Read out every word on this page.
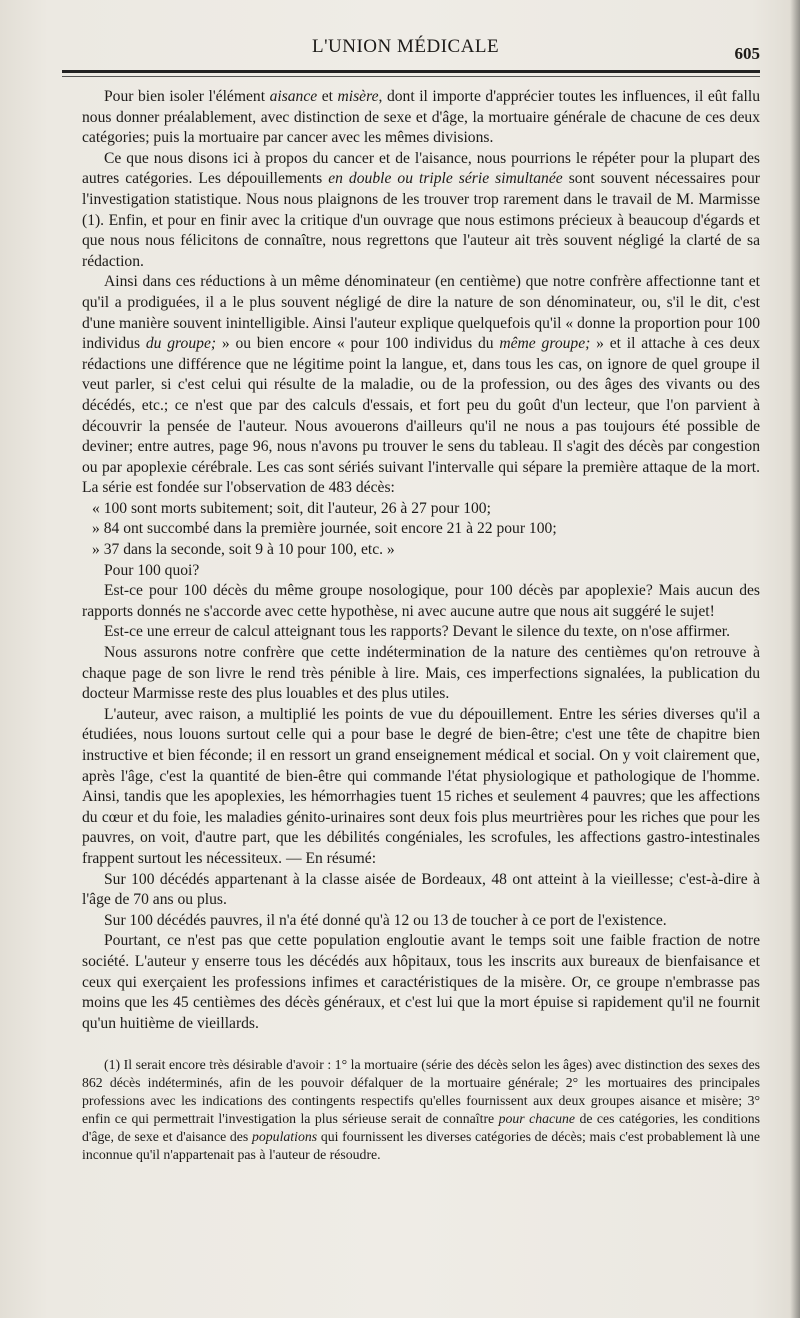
L'UNION MÉDICALE	605

Pour bien isoler l'élément aisance et misère, dont il importe d'apprécier toutes les influences, il eût fallu nous donner préalablement, avec distinction de sexe et d'âge, la mortuaire générale de chacune de ces deux catégories; puis la mortuaire par cancer avec les mêmes divisions.

Ce que nous disons ici à propos du cancer et de l'aisance, nous pourrions le répéter pour la plupart des autres catégories. Les dépouillements en double ou triple série simultanée sont souvent nécessaires pour l'investigation statistique. Nous nous plaignons de les trouver trop rarement dans le travail de M. Marmisse (1). Enfin, et pour en finir avec la critique d'un ouvrage que nous estimons précieux à beaucoup d'égards et que nous nous félicitons de connaître, nous regrettons que l'auteur ait très souvent négligé la clarté de sa rédaction.

Ainsi dans ces réductions à un même dénominateur (en centième) que notre confrère affectionne tant et qu'il a prodiguées, il a le plus souvent négligé de dire la nature de son dénominateur, ou, s'il le dit, c'est d'une manière souvent inintelligible. Ainsi l'auteur explique quelquefois qu'il « donne la proportion pour 100 individus du groupe; » ou bien encore « pour 100 individus du même groupe; » et il attache à ces deux rédactions une différence que ne légitime point la langue, et, dans tous les cas, on ignore de quel groupe il veut parler, si c'est celui qui résulte de la maladie, ou de la profession, ou des âges des vivants ou des décédés, etc.; ce n'est que par des calculs d'essais, et fort peu du goût d'un lecteur, que l'on parvient à découvrir la pensée de l'auteur. Nous avouerons d'ailleurs qu'il ne nous a pas toujours été possible de deviner; entre autres, page 96, nous n'avons pu trouver le sens du tableau. Il s'agit des décès par congestion ou par apoplexie cérébrale. Les cas sont sériés suivant l'intervalle qui sépare la première attaque de la mort. La série est fondée sur l'observation de 483 décès:

« 100 sont morts subitement; soit, dit l'auteur, 26 à 27 pour 100;

» 84 ont succombé dans la première journée, soit encore 21 à 22 pour 100;

» 37 dans la seconde, soit 9 à 10 pour 100, etc. »

Pour 100 quoi?

Est-ce pour 100 décès du même groupe nosologique, pour 100 décès par apoplexie? Mais aucun des rapports donnés ne s'accorde avec cette hypothèse, ni avec aucune autre que nous ait suggéré le sujet!

Est-ce une erreur de calcul atteignant tous les rapports? Devant le silence du texte, on n'ose affirmer.

Nous assurons notre confrère que cette indétermination de la nature des centièmes qu'on retrouve à chaque page de son livre le rend très pénible à lire. Mais, ces imperfections signalées, la publication du docteur Marmisse reste des plus louables et des plus utiles.

L'auteur, avec raison, a multiplié les points de vue du dépouillement. Entre les séries diverses qu'il a étudiées, nous louons surtout celle qui a pour base le degré de bien-être; c'est une tête de chapitre bien instructive et bien féconde; il en ressort un grand enseignement médical et social. On y voit clairement que, après l'âge, c'est la quantité de bien-être qui commande l'état physiologique et pathologique de l'homme. Ainsi, tandis que les apoplexies, les hémorrhagies tuent 15 riches et seulement 4 pauvres; que les affections du cœur et du foie, les maladies génito-urinaires sont deux fois plus meurtrières pour les riches que pour les pauvres, on voit, d'autre part, que les débilités congéniales, les scrofules, les affections gastro-intestinales frappent surtout les nécessiteux. — En résumé:

Sur 100 décédés appartenant à la classe aisée de Bordeaux, 48 ont atteint à la vieillesse; c'est-à-dire à l'âge de 70 ans ou plus.

Sur 100 décédés pauvres, il n'a été donné qu'à 12 ou 13 de toucher à ce port de l'existence.

Pourtant, ce n'est pas que cette population engloutie avant le temps soit une faible fraction de notre société. L'auteur y enserre tous les décédés aux hôpitaux, tous les inscrits aux bureaux de bienfaisance et ceux qui exerçaient les professions infimes et caractéristiques de la misère. Or, ce groupe n'embrasse pas moins que les 45 centièmes des décès généraux, et c'est lui que la mort épuise si rapidement qu'il ne fournit qu'un huitième de vieillards.

(1) Il serait encore très désirable d'avoir : 1° la mortuaire (série des décès selon les âges) avec distinction des sexes des 862 décès indéterminés, afin de les pouvoir défalquer de la mortuaire générale; 2° les mortuaires des principales professions avec les indications des contingents respectifs qu'elles fournissent aux deux groupes aisance et misère; 3° enfin ce qui permettrait l'investigation la plus sérieuse serait de connaître pour chacune de ces catégories, les conditions d'âge, de sexe et d'aisance des populations qui fournissent les diverses catégories de décès; mais c'est probablement là une inconnue qu'il n'appartenait pas à l'auteur de résoudre.
